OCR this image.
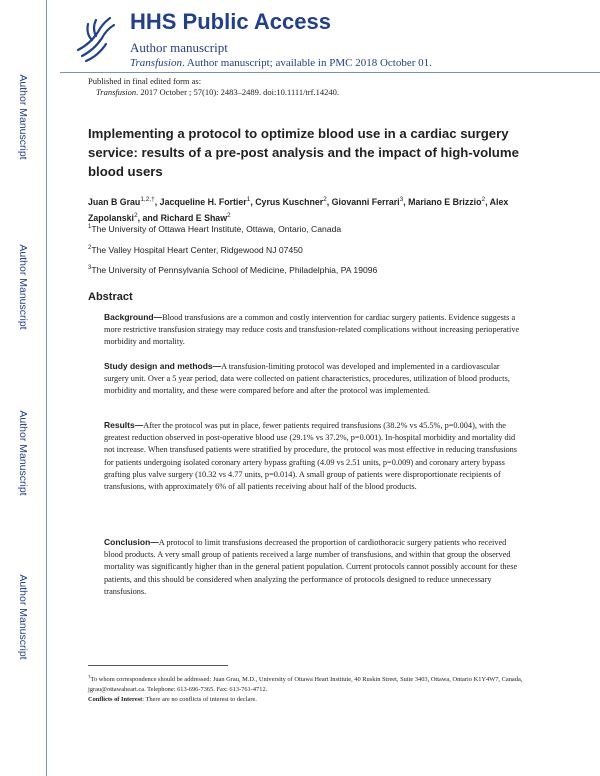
Author Manuscript
Author Manuscript
Author Manuscript
Author Manuscript
HHS Public Access
Author manuscript
Transfusion. Author manuscript; available in PMC 2018 October 01.
Published in final edited form as:
Transfusion. 2017 October ; 57(10): 2483–2489. doi:10.1111/trf.14240.
Implementing a protocol to optimize blood use in a cardiac surgery service: results of a pre-post analysis and the impact of high-volume blood users
Juan B Grau$^{1,2,\dagger}$, Jacqueline H. Fortier$^1$, Cyrus Kuschner$^2$, Giovanni Ferrari$^3$, Mariano E Brizzio$^2$, Alex Zapolanski$^2$, and Richard E Shaw$^2$
$^1$The University of Ottawa Heart Institute, Ottawa, Ontario, Canada
$^2$The Valley Hospital Heart Center, Ridgewood NJ 07450
$^3$The University of Pennsylvania School of Medicine, Philadelphia, PA 19096
Abstract
Background—Blood transfusions are a common and costly intervention for cardiac surgery patients. Evidence suggests a more restrictive transfusion strategy may reduce costs and transfusion-related complications without increasing perioperative morbidity and mortality.
Study design and methods—A transfusion-limiting protocol was developed and implemented in a cardiovascular surgery unit. Over a 5 year period, data were collected on patient characteristics, procedures, utilization of blood products, morbidity and mortality, and these were compared before and after the protocol was implemented.
Results—After the protocol was put in place, fewer patients required transfusions (38.2% vs 45.5%, p=0.004), with the greatest reduction observed in post-operative blood use (29.1% vs 37.2%, p=0.001). In-hospital morbidity and mortality did not increase. When transfused patients were stratified by procedure, the protocol was most effective in reducing transfusions for patients undergoing isolated coronary artery bypass grafting (4.09 vs 2.51 units, p=0.009) and coronary artery bypass grafting plus valve surgery (10.32 vs 4.77 units, p=0.014). A small group of patients were disproportionate recipients of transfusions, with approximately 6% of all patients receiving about half of the blood products.
Conclusion—A protocol to limit transfusions decreased the proportion of cardiothoracic surgery patients who received blood products. A very small group of patients received a large number of transfusions, and within that group the observed mortality was significantly higher than in the general patient population. Current protocols cannot possibly account for these patients, and this should be considered when analyzing the performance of protocols designed to reduce unnecessary transfusions.
†To whom correspondence should be addressed: Juan Grau, M.D., University of Ottawa Heart Institute, 40 Ruskin Street, Suite 3403, Ottawa, Ontario K1Y4W7, Canada, jgrau@ottawaheart.ca. Telephone: 613-696-7365. Fax: 613-761-4712.
Conflicts of Interest: There are no conflicts of interest to declare.
